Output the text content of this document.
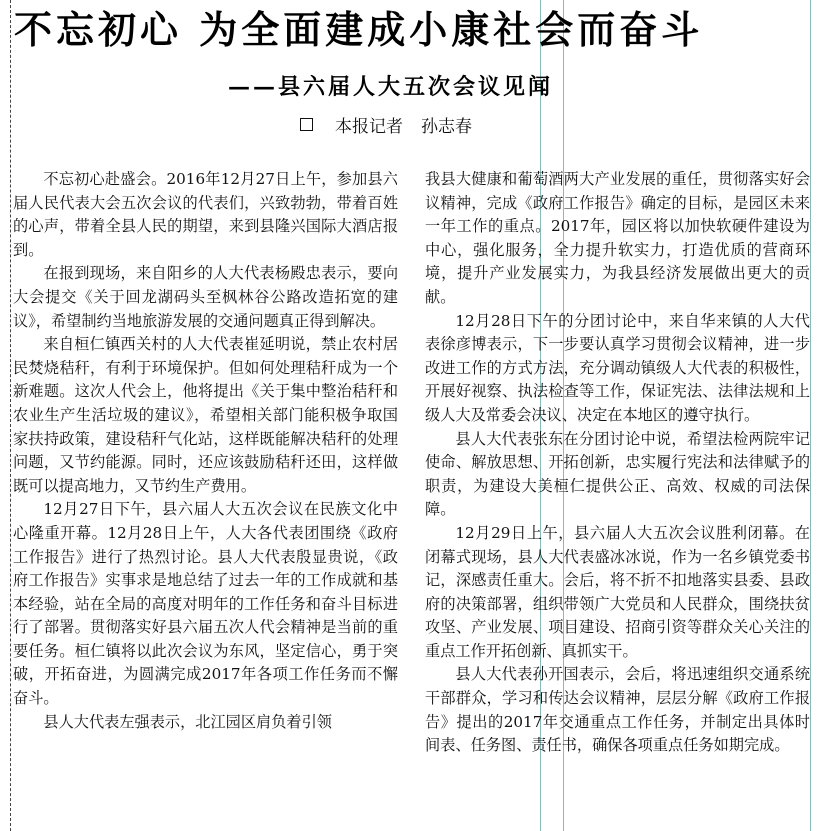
不忘初心 为全面建成小康社会而奋斗
——县六届人大五次会议见闻
本报记者 孙志春

不忘初心赴盛会。2016年12月27日上午，参加县六届人民代表大会五次会议的代表们，兴致勃勃，带着百姓的心声，带着全县人民的期望，来到县隆兴国际大酒店报到。

在报到现场，来自阳乡的人大代表杨殿忠表示，要向大会提交《关于回龙湖码头至枫林谷公路改造拓宽的建议》，希望制约当地旅游发展的交通问题真正得到解决。

来自桓仁镇西关村的人大代表崔延明说，禁止农村居民焚烧秸秆，有利于环境保护。但如何处理秸秆成为一个新难题。这次人代会上，他将提出《关于集中整治秸秆和农业生产生活垃圾的建议》，希望相关部门能积极争取国家扶持政策，建设秸秆气化站，这样既能解决秸秆的处理问题，又节约能源。同时，还应该鼓励秸秆还田，这样做既可以提高地力，又节约生产费用。

12月27日下午，县六届人大五次会议在民族文化中心隆重开幕。12月28日上午，人大各代表团围绕《政府工作报告》进行了热烈讨论。县人大代表殷显贵说，《政府工作报告》实事求是地总结了过去一年的工作成就和基本经验，站在全局的高度对明年的工作任务和奋斗目标进行了部署。贯彻落实好县六届五次人代会精神是当前的重要任务。桓仁镇将以此次会议为东风，坚定信心，勇于突破，开拓奋进，为圆满完成2017年各项工作任务而不懈奋斗。

县人大代表左强表示，北江园区肩负着引领

我县大健康和葡萄酒两大产业发展的重任，贯彻落实好会议精神，完成《政府工作报告》确定的目标，是园区未来一年工作的重点。2017年，园区将以加快软硬件建设为中心，强化服务，全力提升软实力，打造优质的营商环境，提升产业发展实力，为我县经济发展做出更大的贡献。

12月28日下午的分团讨论中，来自华来镇的人大代表徐彦博表示，下一步要认真学习贯彻会议精神，进一步改进工作的方式方法，充分调动镇级人大代表的积极性，开展好视察、执法检查等工作，保证宪法、法律法规和上级人大及常委会决议、决定在本地区的遵守执行。

县人大代表张东在分团讨论中说，希望法检两院牢记使命、解放思想、开拓创新，忠实履行宪法和法律赋予的职责，为建设大美桓仁提供公正、高效、权威的司法保障。

12月29日上午，县六届人大五次会议胜利闭幕。在闭幕式现场，县人大代表盛冰冰说，作为一名乡镇党委书记，深感责任重大。会后，将不折不扣地落实县委、县政府的决策部署，组织带领广大党员和人民群众，围绕扶贫攻坚、产业发展、项目建设、招商引资等群众关心关注的重点工作开拓创新、真抓实干。

县人大代表孙开国表示，会后，将迅速组织交通系统干部群众，学习和传达会议精神，层层分解《政府工作报告》提出的2017年交通重点工作任务，并制定出具体时间表、任务图、责任书，确保各项重点任务如期完成。
